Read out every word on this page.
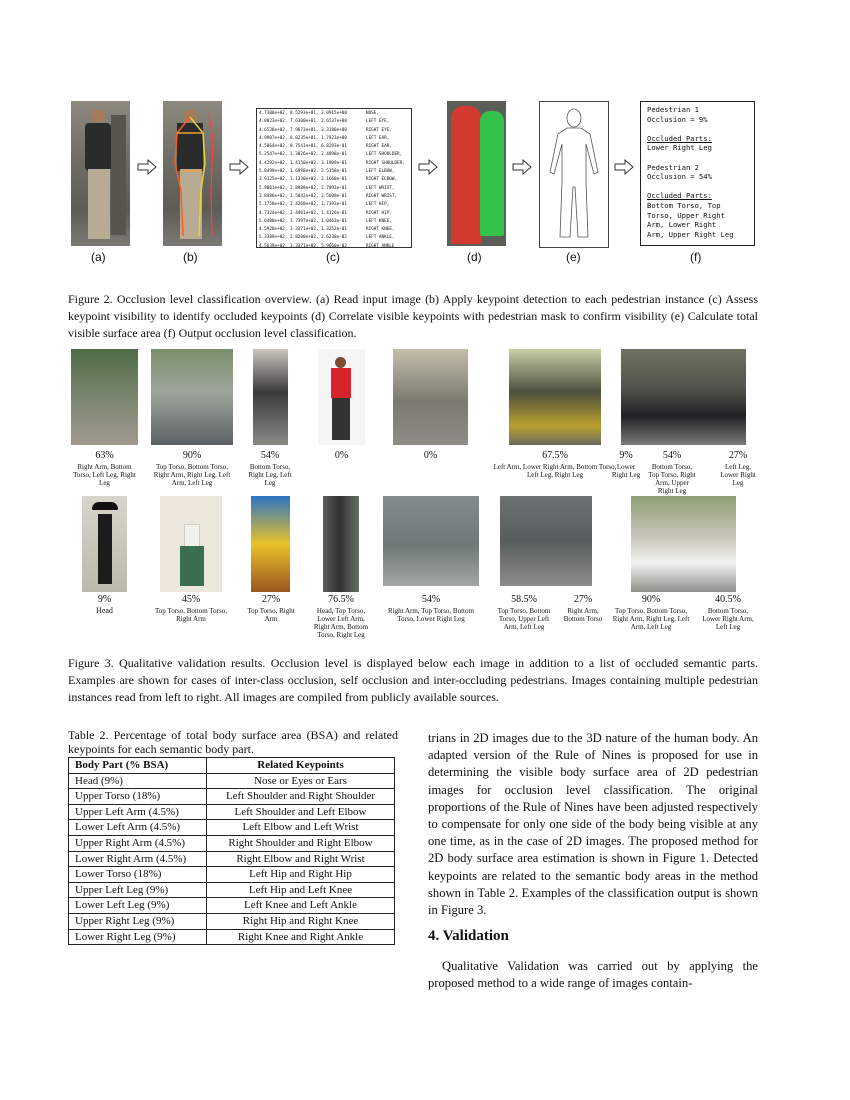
4.7380e+02, 8.5293e+01, 3.0915e+00	NOSE,
4.8023e+02, 7.6300e+01, 2.6537e+00	LEFT EYE,
4.6538e+02, 7.9673e+01, 3.3180e+00	RIGHT EYE,
4.9907e+02, 8.0235e+01, 1.7923e+00	LEFT EAR,
4.5864e+02, 8.7541e+01, 6.8293e-01	RIGHT EAR,
5.2547e+02, 1.3026e+02, 2.4898e-01	LEFT SHOULDER,
4.4292e+02, 1.4150e+02, 3.1909e-01	RIGHT SHOULDER,
5.8499e+02, 1.6998e+02, 2.5158e-01	LEFT ELBOW,
3.9125e+02, 1.1330e+02, 2.1660e-01	RIGHT ELBOW,
5.9061e+02, 2.8988e+02, 2.7893e-01	LEFT WRIST,
3.8486e+02, 1.5842e+02, 2.5609e-01	RIGHT WRIST,
5.1750e+02, 2.4260e+02, 1.7393e-01	LEFT HIP,
4.7324e+02, 2.4401e+02, 1.4126e-01	RIGHT HIP,
5.6480e+02, 1.7397e+02, 1.0463e-01	LEFT KNEE,
4.5928e+02, 3.3371e+02, 1.3252e-01	RIGHT KNEE,
5.3389e+02, 2.8200e+02, 2.6238e-02	LEFT ANKLE,
4.5639e+02, 3.3371e+02, 5.9660e-02	RIGHT ANKLE
Pedestrian 1
Occlusion = 9%
Occluded Parts:
Lower Right Leg
Pedestrian 2
Occlusion = 54%
Occluded Parts:
Bottom Torso, Top
Torso, Upper Right
Arm, Lower Right
Arm, Upper Right Leg
(a)	(b)	(c)	(d)	(e)	(f)
Figure 2. Occlusion level classification overview. (a) Read input image (b) Apply keypoint detection to each pedestrian instance (c) Assess keypoint visibility to identify occluded keypoints (d) Correlate visible keypoints with pedestrian mask to confirm visibility (e) Calculate total visible surface area (f) Output occlusion level classification.
63%
Right Arm, Bottom Torso, Left Leg, Right Leg
90%
Top Torso, Bottom Torso, Right Arm, Right Leg, Left Arm, Left Leg
54%
Bottom Torso, Right Leg, Left Leg
0%	0%	67.5%
Left Arm, Lower Right Arm, Bottom Torso, Left Leg, Right Leg
9%
Lower Right Leg
54%
Bottom Torso, Top Torso, Right Arm, Upper Right Leg
27%
Left Leg, Lower Right Leg
9%
Head
45%
Top Torso, Bottom Torso, Right Arm
27%
Top Torso, Right Arm
76.5%
Head, Top Torso, Lower Left Arm, Right Arm, Bottom Torso, Right Leg
54%
Right Arm, Top Torso, Bottom Torso, Lower Right Leg
58.5%
Top Torso, Bottom Torso, Upper Left Arm, Left Leg
27%
Right Arm, Bottom Torso
90%
Top Torso, Bottom Torso, Right Arm, Right Leg, Left Arm, Left Leg
40.5%
Bottom Torso, Lower Right Arm, Left Leg
Figure 3. Qualitative validation results. Occlusion level is displayed below each image in addition to a list of occluded semantic parts. Examples are shown for cases of inter-class occlusion, self occlusion and inter-occluding pedestrians. Images containing multiple pedestrian instances read from left to right. All images are compiled from publicly available sources.
Table 2. Percentage of total body surface area (BSA) and related keypoints for each semantic body part.
Body Part (% BSA)	Related Keypoints
Head (9%)	Nose or Eyes or Ears
Upper Torso (18%)	Left Shoulder and Right Shoulder
Upper Left Arm (4.5%)	Left Shoulder and Left Elbow
Lower Left Arm (4.5%)	Left Elbow and Left Wrist
Upper Right Arm (4.5%)	Right Shoulder and Right Elbow
Lower Right Arm (4.5%)	Right Elbow and Right Wrist
Lower Torso (18%)	Left Hip and Right Hip
Upper Left Leg (9%)	Left Hip and Left Knee
Lower Left Leg (9%)	Left Knee and Left Ankle
Upper Right Leg (9%)	Right Hip and Right Knee
Lower Right Leg (9%)	Right Knee and Right Ankle
trians in 2D images due to the 3D nature of the human body. An adapted version of the Rule of Nines is proposed for use in determining the visible body surface area of 2D pedestrian images for occlusion level classification. The original proportions of the Rule of Nines have been adjusted respectively to compensate for only one side of the body being visible at any one time, as in the case of 2D images. The proposed method for 2D body surface area estimation is shown in Figure 1. Detected keypoints are related to the semantic body areas in the method shown in Table 2. Examples of the classification output is shown in Figure 3.
4. Validation
Qualitative Validation was carried out by applying the proposed method to a wide range of images contain-
